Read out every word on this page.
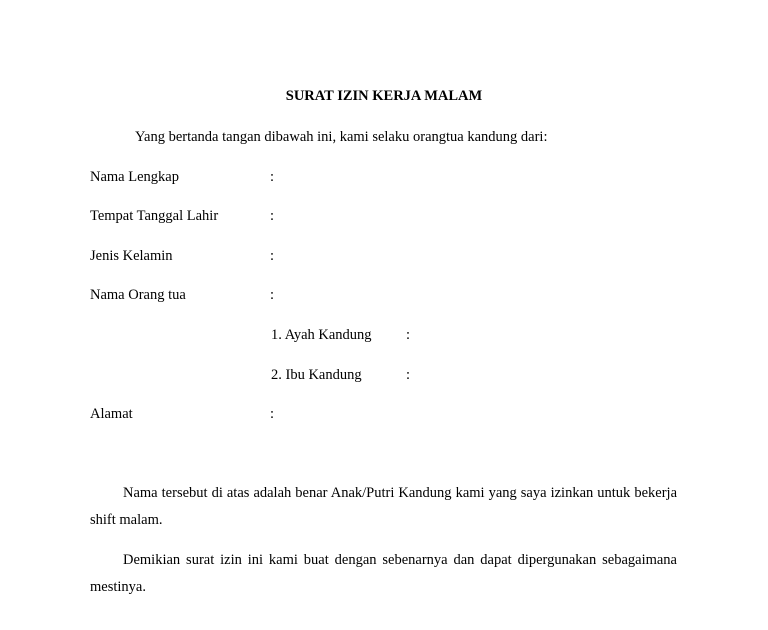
SURAT IZIN KERJA MALAM
Yang bertanda tangan dibawah ini, kami selaku orangtua kandung dari:
Nama Lengkap	:
Tempat Tanggal Lahir	:
Jenis Kelamin	:
Nama Orang tua	:
1. Ayah Kandung :
2. Ibu Kandung	:
Alamat	:
Nama tersebut di atas adalah benar Anak/Putri Kandung kami yang saya izinkan untuk bekerja shift malam.
Demikian surat izin ini kami buat dengan sebenarnya dan dapat dipergunakan sebagaimana mestinya.
